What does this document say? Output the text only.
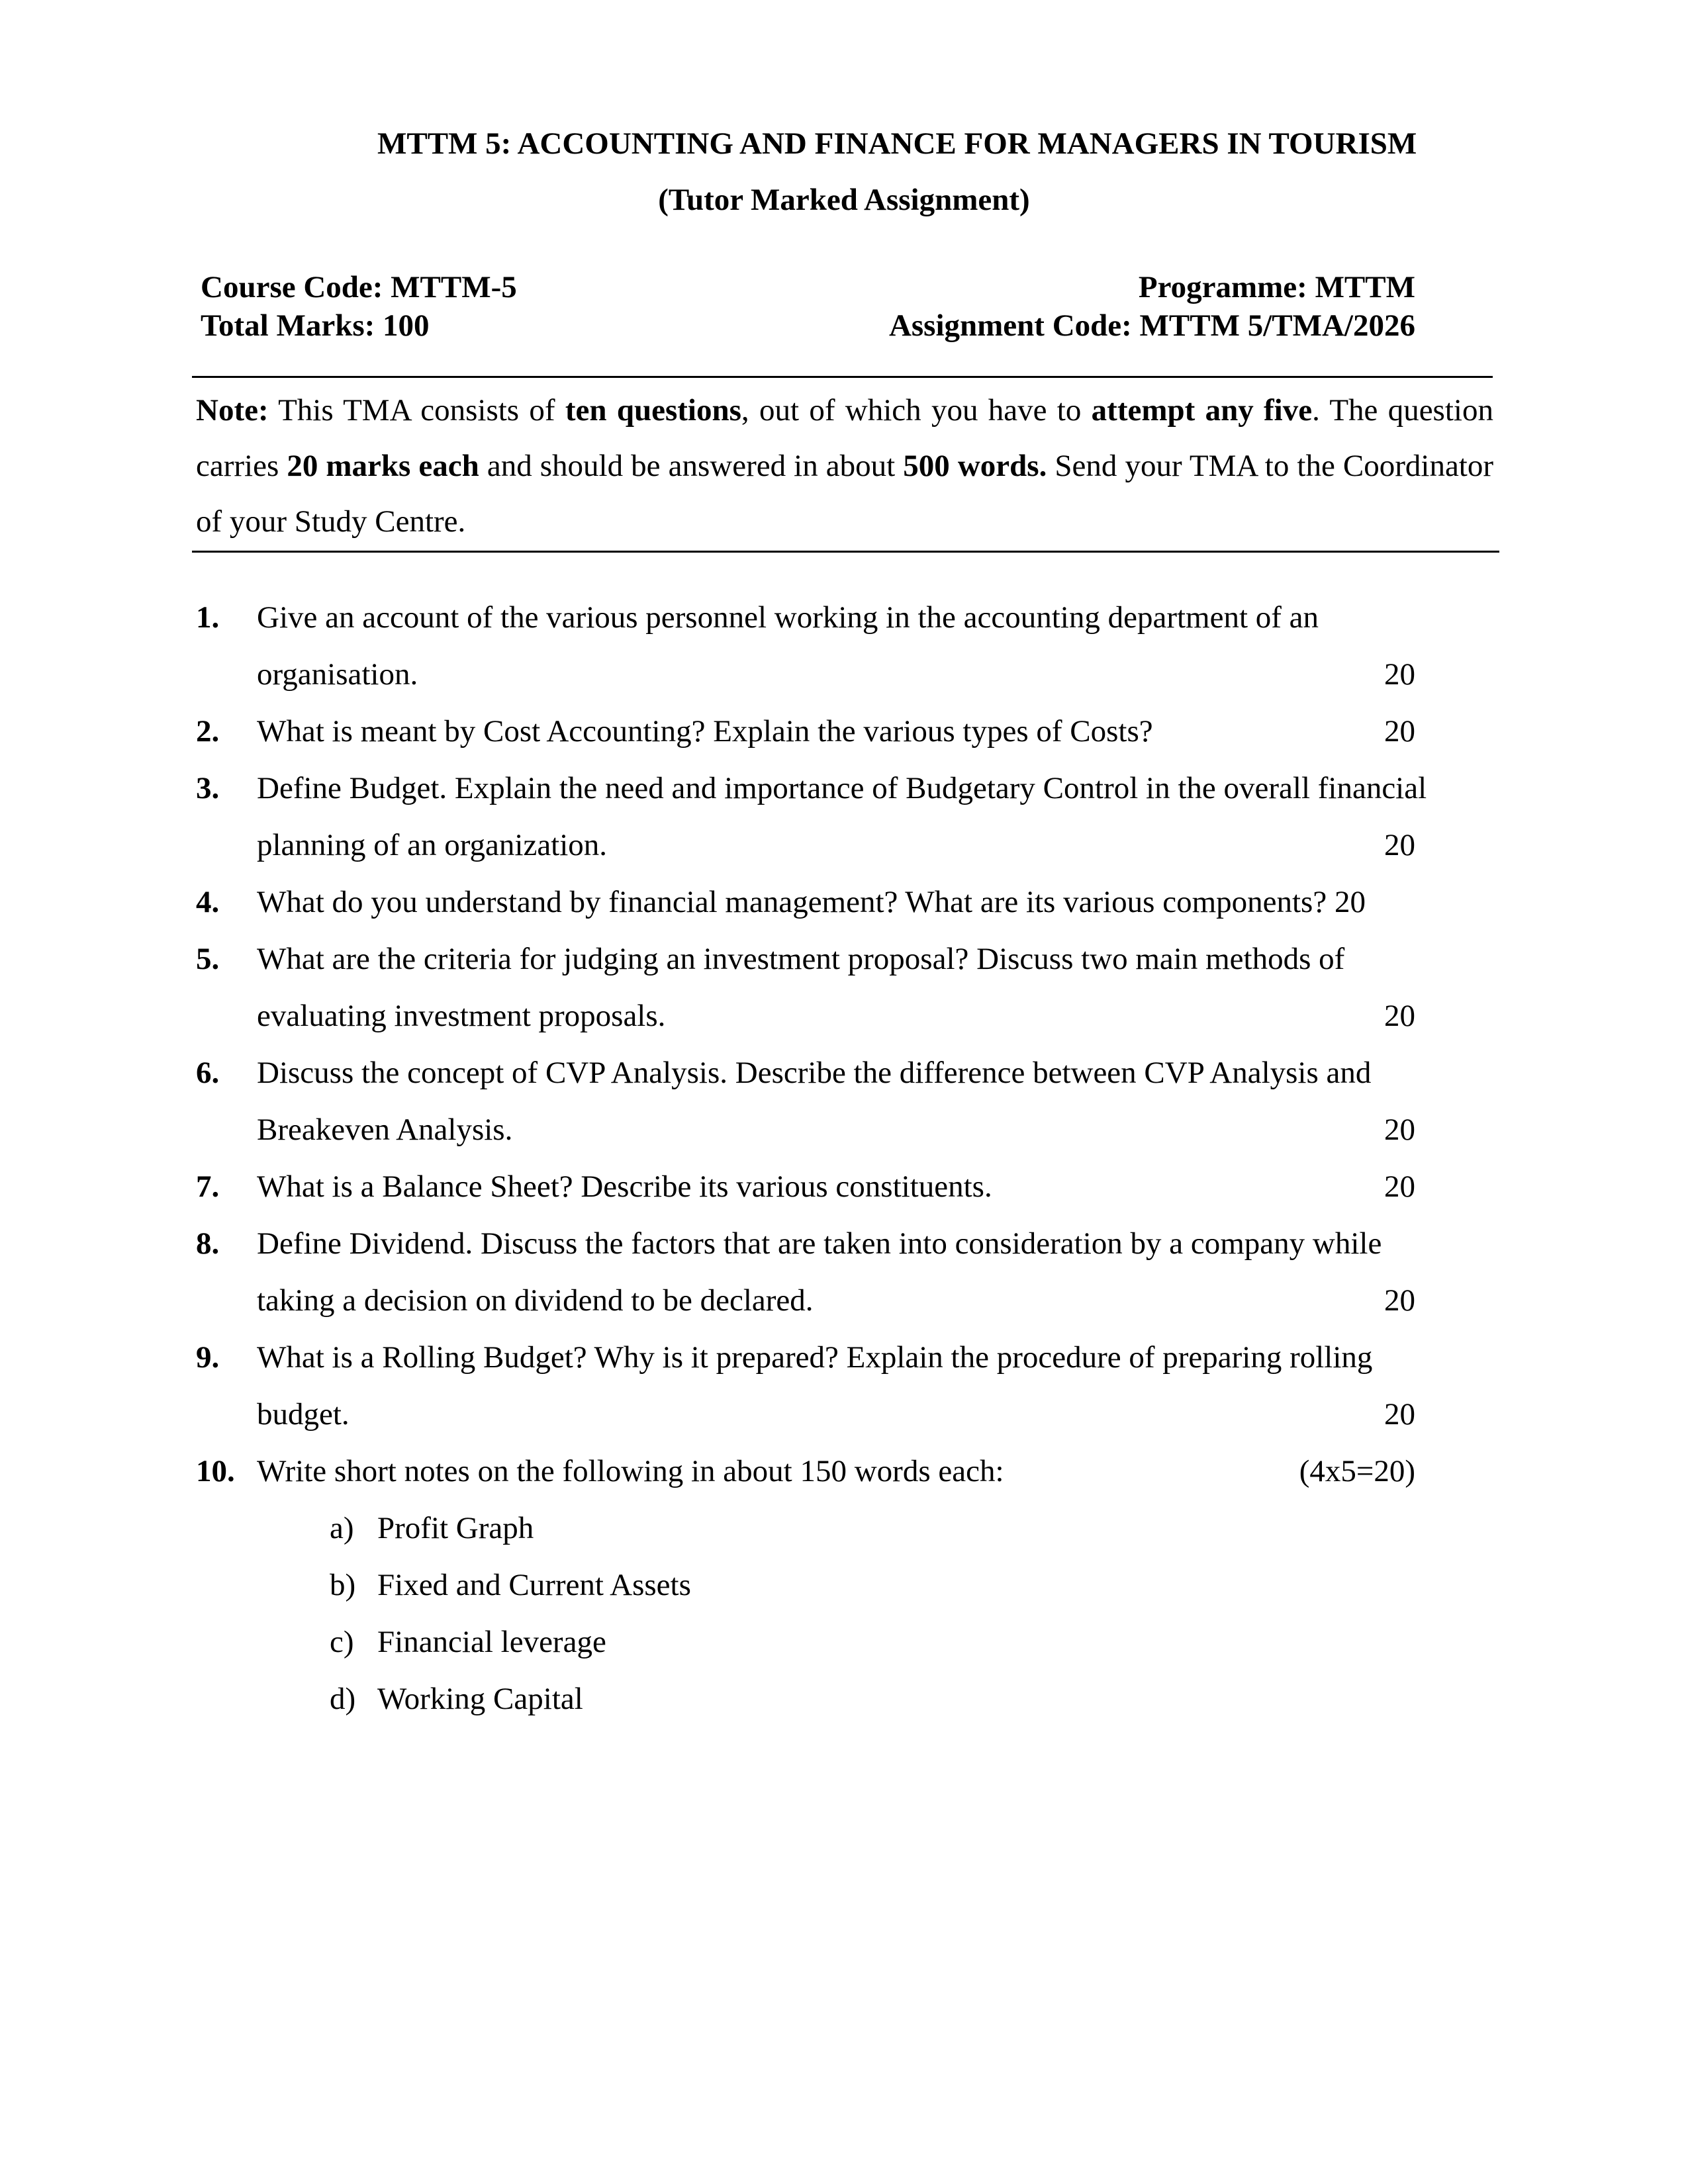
MTTM 5: ACCOUNTING AND FINANCE FOR MANAGERS IN TOURISM
(Tutor Marked Assignment)
Course Code: MTTM-5
Total Marks: 100
Programme: MTTM
Assignment Code: MTTM 5/TMA/2026
Note: This TMA consists of ten questions, out of which you have to attempt any five. The question carries 20 marks each and should be answered in about 500 words. Send your TMA to the Coordinator of your Study Centre.
1. Give an account of the various personnel working in the accounting department of an
organisation.	20
2. What is meant by Cost Accounting? Explain the various types of Costs?	20
3. Define Budget. Explain the need and importance of Budgetary Control in the overall financial
planning of an organization.	20
4. What do you understand by financial management? What are its various components? 20
5. What are the criteria for judging an investment proposal? Discuss two main methods of
evaluating investment proposals.	20
6. Discuss the concept of CVP Analysis. Describe the difference between CVP Analysis and
Breakeven Analysis.	20
7. What is a Balance Sheet? Describe its various constituents.	20
8. Define Dividend. Discuss the factors that are taken into consideration by a company while
taking a decision on dividend to be declared.	20
9. What is a Rolling Budget? Why is it prepared? Explain the procedure of preparing rolling
budget.	20
10. Write short notes on the following in about 150 words each:	(4x5=20)
a) Profit Graph
b) Fixed and Current Assets
c) Financial leverage
d) Working Capital
